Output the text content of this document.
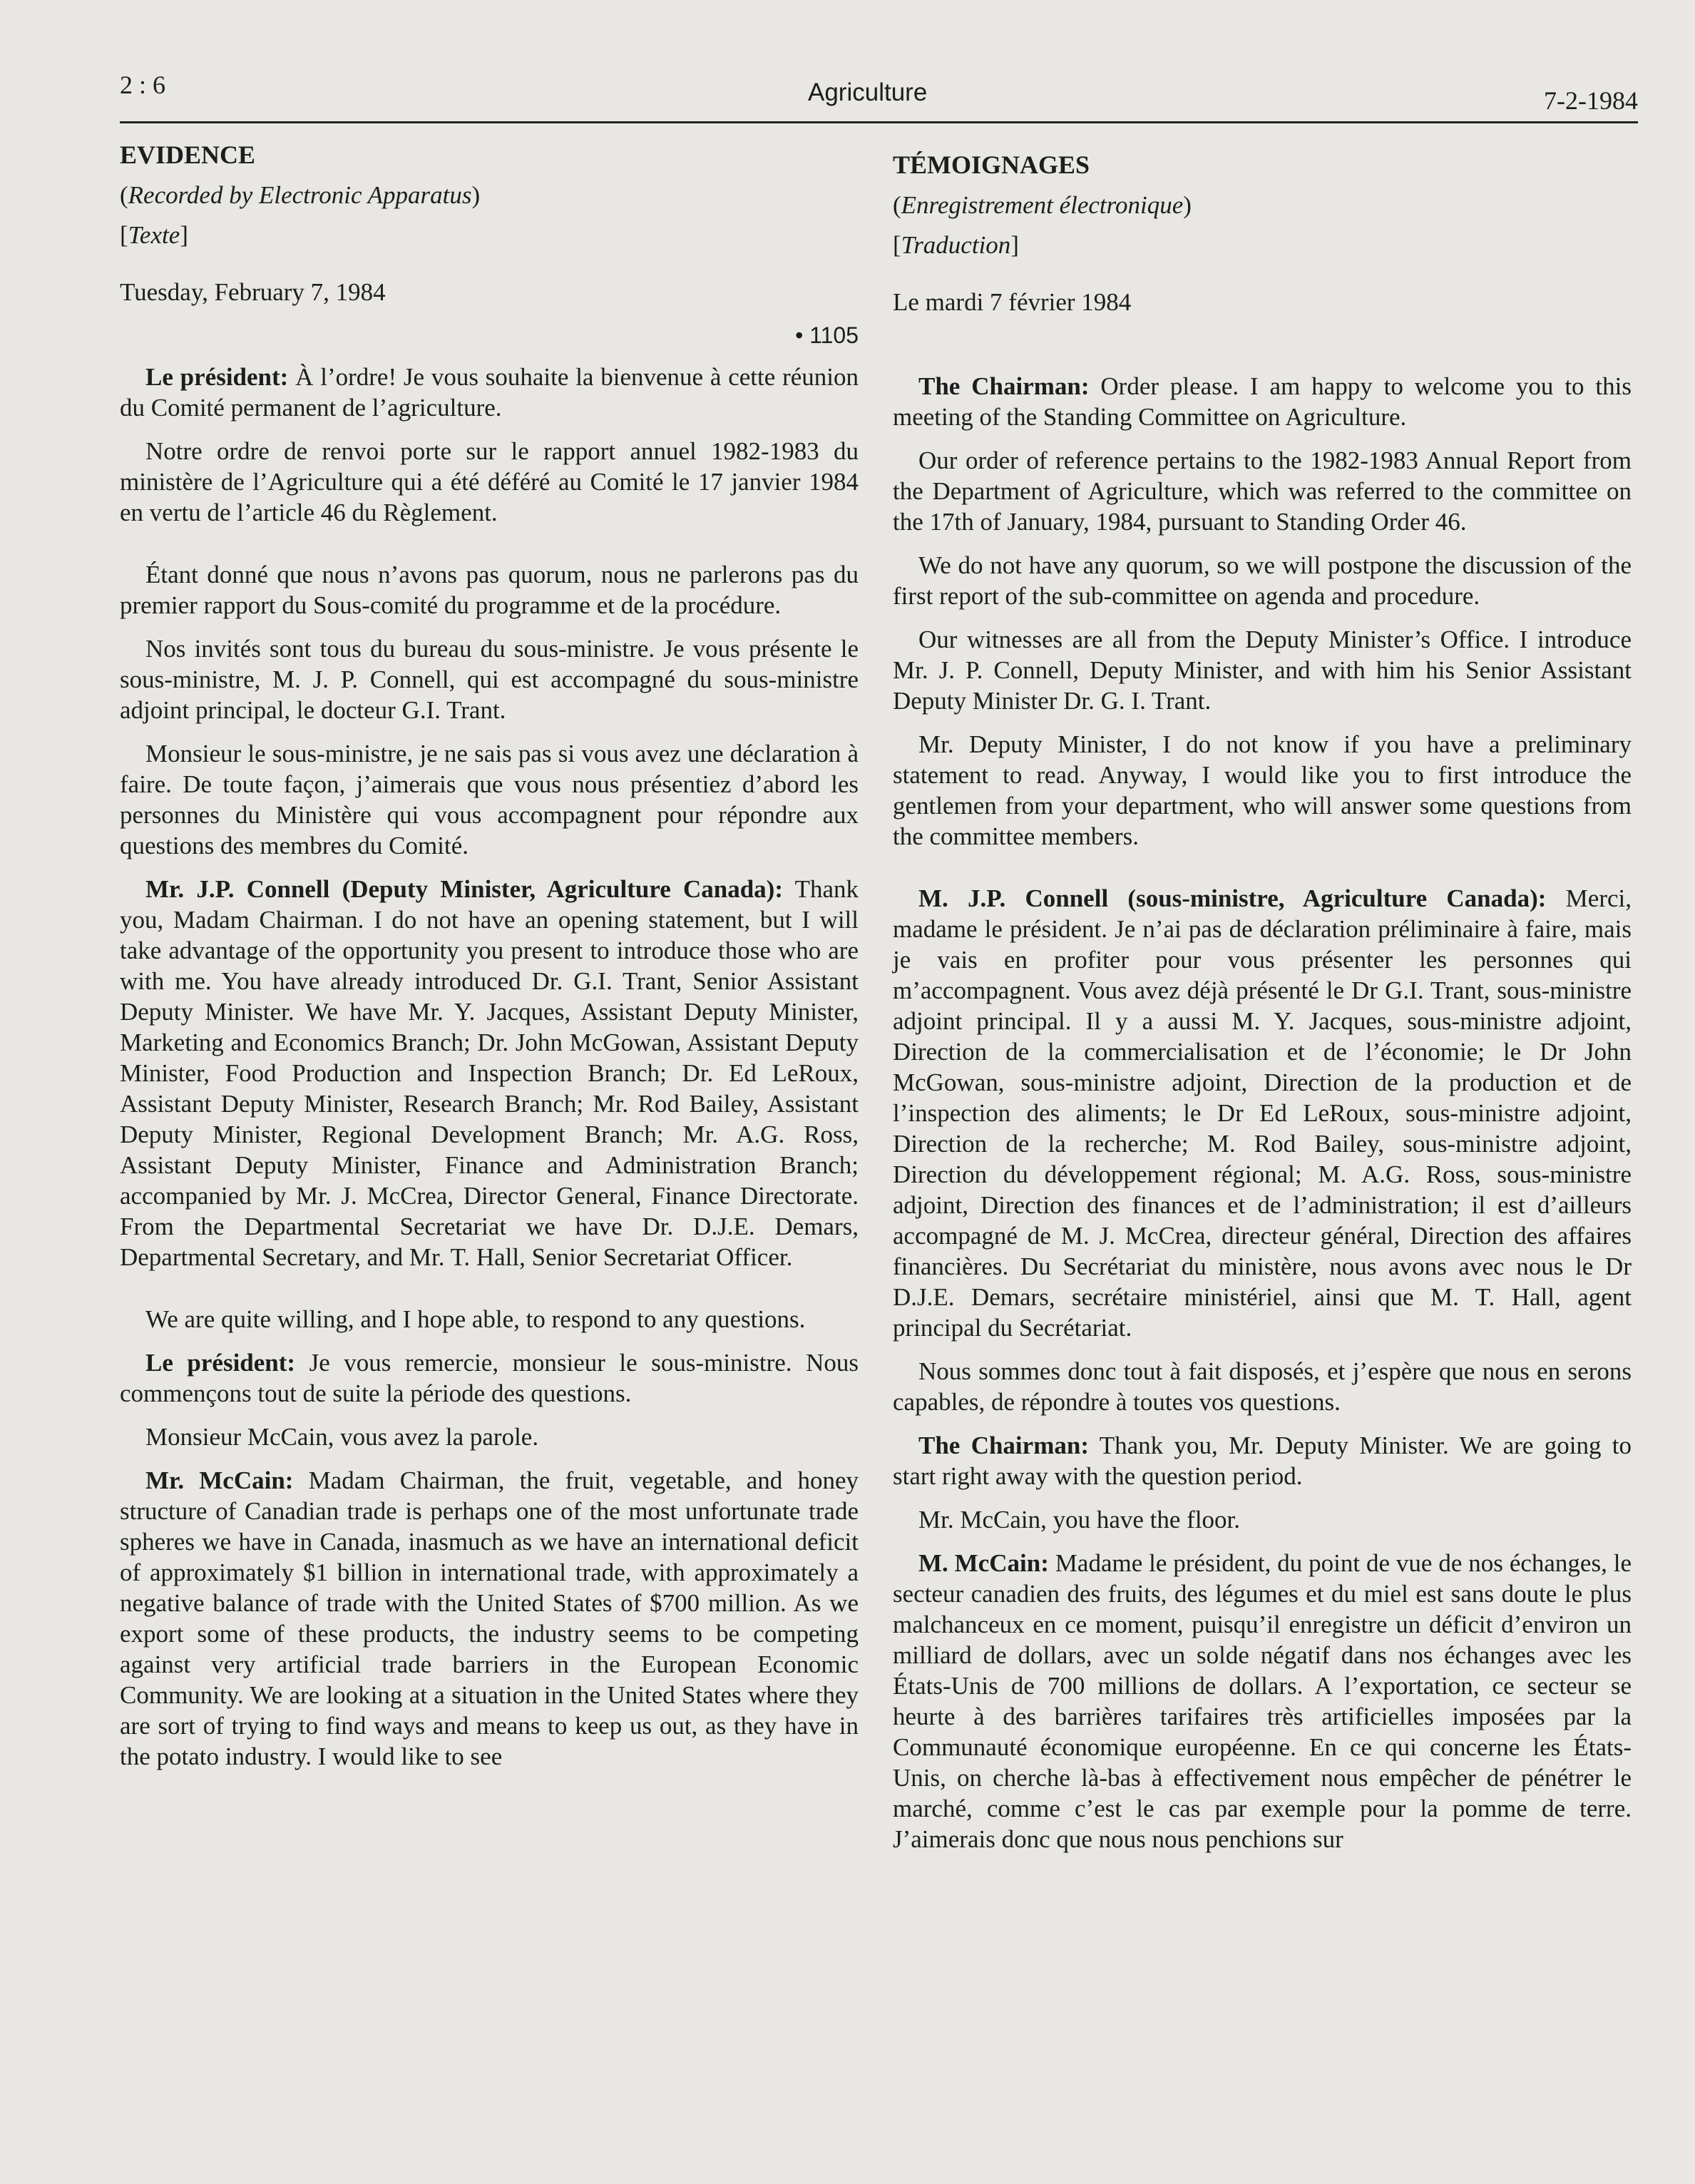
2 : 6	Agriculture	7-2-1984
EVIDENCE
(Recorded by Electronic Apparatus)
[Texte]
Tuesday, February 7, 1984
• 1105

Le président: À l’ordre! Je vous souhaite la bienvenue à cette réunion du Comité permanent de l’agriculture.

Notre ordre de renvoi porte sur le rapport annuel 1982-1983 du ministère de l’Agriculture qui a été déféré au Comité le 17 janvier 1984 en vertu de l’article 46 du Règlement.

Étant donné que nous n’avons pas quorum, nous ne parlerons pas du premier rapport du Sous-comité du programme et de la procédure.

Nos invités sont tous du bureau du sous-ministre. Je vous présente le sous-ministre, M. J. P. Connell, qui est accompagné du sous-ministre adjoint principal, le docteur G.I. Trant.

Monsieur le sous-ministre, je ne sais pas si vous avez une déclaration à faire. De toute façon, j’aimerais que vous nous présentiez d’abord les personnes du Ministère qui vous accompagnent pour répondre aux questions des membres du Comité.

Mr. J.P. Connell (Deputy Minister, Agriculture Canada): Thank you, Madam Chairman. I do not have an opening statement, but I will take advantage of the opportunity you present to introduce those who are with me. You have already introduced Dr. G.I. Trant, Senior Assistant Deputy Minister. We have Mr. Y. Jacques, Assistant Deputy Minister, Marketing and Economics Branch; Dr. John McGowan, Assistant Deputy Minister, Food Production and Inspection Branch; Dr. Ed LeRoux, Assistant Deputy Minister, Research Branch; Mr. Rod Bailey, Assistant Deputy Minister, Regional Development Branch; Mr. A.G. Ross, Assistant Deputy Minister, Finance and Administration Branch; accompanied by Mr. J. McCrea, Director General, Finance Directorate. From the Departmental Secretariat we have Dr. D.J.E. Demars, Departmental Secretary, and Mr. T. Hall, Senior Secretariat Officer.

We are quite willing, and I hope able, to respond to any questions.

Le président: Je vous remercie, monsieur le sous-ministre. Nous commençons tout de suite la période des questions.

Monsieur McCain, vous avez la parole.

Mr. McCain: Madam Chairman, the fruit, vegetable, and honey structure of Canadian trade is perhaps one of the most unfortunate trade spheres we have in Canada, inasmuch as we have an international deficit of approximately $1 billion in international trade, with approximately a negative balance of trade with the United States of $700 million. As we export some of these products, the industry seems to be competing against very artificial trade barriers in the European Economic Community. We are looking at a situation in the United States where they are sort of trying to find ways and means to keep us out, as they have in the potato industry. I would like to see

TÉMOIGNAGES
(Enregistrement électronique)
[Traduction]
Le mardi 7 février 1984

The Chairman: Order please. I am happy to welcome you to this meeting of the Standing Committee on Agriculture.

Our order of reference pertains to the 1982-1983 Annual Report from the Department of Agriculture, which was referred to the committee on the 17th of January, 1984, pursuant to Standing Order 46.

We do not have any quorum, so we will postpone the discussion of the first report of the sub-committee on agenda and procedure.

Our witnesses are all from the Deputy Minister’s Office. I introduce Mr. J. P. Connell, Deputy Minister, and with him his Senior Assistant Deputy Minister Dr. G. I. Trant.

Mr. Deputy Minister, I do not know if you have a preliminary statement to read. Anyway, I would like you to first introduce the gentlemen from your department, who will answer some questions from the committee members.

M. J.P. Connell (sous-ministre, Agriculture Canada): Merci, madame le président. Je n’ai pas de déclaration préliminaire à faire, mais je vais en profiter pour vous présenter les personnes qui m’accompagnent. Vous avez déjà présenté le Dr G.I. Trant, sous-ministre adjoint principal. Il y a aussi M. Y. Jacques, sous-ministre adjoint, Direction de la commercialisation et de l’économie; le Dr John McGowan, sous-ministre adjoint, Direction de la production et de l’inspection des aliments; le Dr Ed LeRoux, sous-ministre adjoint, Direction de la recherche; M. Rod Bailey, sous-ministre adjoint, Direction du développement régional; M. A.G. Ross, sous-ministre adjoint, Direction des finances et de l’administration; il est d’ailleurs accompagné de M. J. McCrea, directeur général, Direction des affaires financières. Du Secrétariat du ministère, nous avons avec nous le Dr D.J.E. Demars, secrétaire ministériel, ainsi que M. T. Hall, agent principal du Secrétariat.

Nous sommes donc tout à fait disposés, et j’espère que nous en serons capables, de répondre à toutes vos questions.

The Chairman: Thank you, Mr. Deputy Minister. We are going to start right away with the question period.

Mr. McCain, you have the floor.

M. McCain: Madame le président, du point de vue de nos échanges, le secteur canadien des fruits, des légumes et du miel est sans doute le plus malchanceux en ce moment, puisqu’il enregistre un déficit d’environ un milliard de dollars, avec un solde négatif dans nos échanges avec les États-Unis de 700 millions de dollars. A l’exportation, ce secteur se heurte à des barrières tarifaires très artificielles imposées par la Communauté économique européenne. En ce qui concerne les États-Unis, on cherche là-bas à effectivement nous empêcher de pénétrer le marché, comme c’est le cas par exemple pour la pomme de terre. J’aimerais donc que nous nous penchions sur
